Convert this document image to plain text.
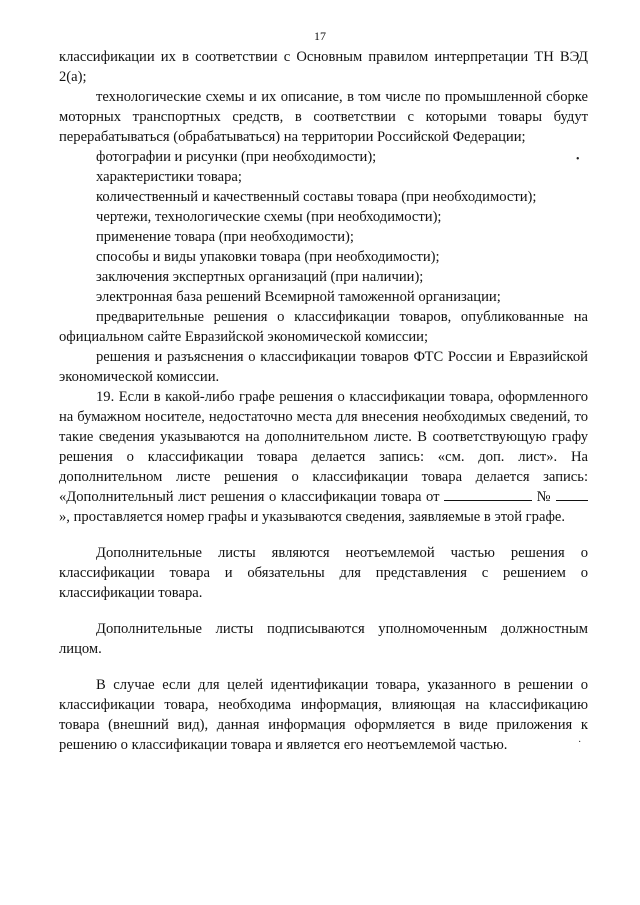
17

классификации их в соответствии с Основным правилом интерпретации ТН ВЭД 2(а);

технологические схемы и их описание, в том числе по промышленной сборке моторных транспортных средств, в соответствии с которыми товары будут перерабатываться (обрабатываться) на территории Российской Федерации;

фотографии и рисунки (при необходимости);

характеристики товара;

количественный и качественный составы товара (при необходимости);

чертежи, технологические схемы (при необходимости);

применение товара (при необходимости);

способы и виды упаковки товара (при необходимости);

заключения экспертных организаций (при наличии);

электронная база решений Всемирной таможенной организации;

предварительные решения о классификации товаров, опубликованные на официальном сайте Евразийской экономической комиссии;

решения и разъяснения о классификации товаров ФТС России и Евразийской экономической комиссии.

19. Если в какой-либо графе решения о классификации товара, оформленного на бумажном носителе, недостаточно места для внесения необходимых сведений, то такие сведения указываются на дополнительном листе. В соответствующую графу решения о классификации товара делается запись: «см. доп. лист». На дополнительном листе решения о классификации товара делается запись: «Дополнительный лист решения о классификации товара от	№ », проставляется номер графы и указываются сведения, заявляемые в этой графе.

Дополнительные листы являются неотъемлемой частью решения о классификации товара и обязательны для представления с решением о классификации товара.

Дополнительные листы подписываются уполномоченным должностным лицом.

В случае если для целей идентификации товара, указанного в решении о классификации товара, необходима информация, влияющая на классификацию товара (внешний вид), данная информация оформляется в виде приложения к решению о классификации товара и является его неотъемлемой частью.

•
·
